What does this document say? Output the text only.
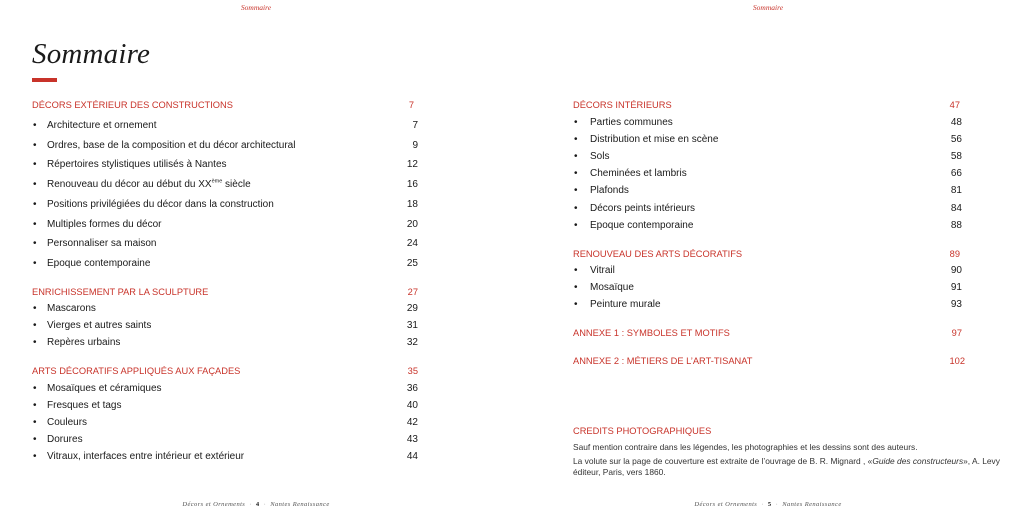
Sommaire
Sommaire
DÉCORS EXTÉRIEUR DES CONSTRUCTIONS	7
• Architecture et ornement	7
• Ordres, base de la composition et du décor architectural	9
• Répertoires stylistiques utilisés à Nantes	12
• Renouveau du décor au début du XXème siècle	16
• Positions privilégiées du décor dans la construction	18
• Multiples formes du décor	20
• Personnaliser sa maison	24
• Epoque contemporaine	25
ENRICHISSEMENT PAR LA SCULPTURE	27
• Mascarons	29
• Vierges et autres saints	31
• Repères urbains	32
ARTS DÉCORATIFS APPLIQUÉS AUX FAÇADES	35
• Mosaïques et céramiques	36
• Fresques et tags	40
• Couleurs	42
• Dorures	43
• Vitraux, interfaces entre intérieur et extérieur	44
Décors et Ornements  ·  4  ·  Nantes Renaissance
Sommaire
DÉCORS INTÉRIEURS	47
• Parties communes	48
• Distribution et mise en scène	56
• Sols	58
• Cheminées et lambris	66
• Plafonds	81
• Décors peints intérieurs	84
• Epoque contemporaine	88
RENOUVEAU DES ARTS DÉCORATIFS	89
• Vitrail	90
• Mosaïque	91
• Peinture murale	93
ANNEXE 1 : SYMBOLES ET MOTIFS	97
ANNEXE 2 : MÉTIERS DE L’ART-TISANAT	102
CREDITS PHOTOGRAPHIQUES
Sauf mention contraire dans les légendes, les photographies et les dessins sont des auteurs.
La volute sur la page de couverture est extraite de l’ouvrage de B. R. Mignard , «Guide des constructeurs», A. Levy éditeur, Paris, vers 1860.
Décors et Ornements  ·  5  ·  Nantes Renaissance
